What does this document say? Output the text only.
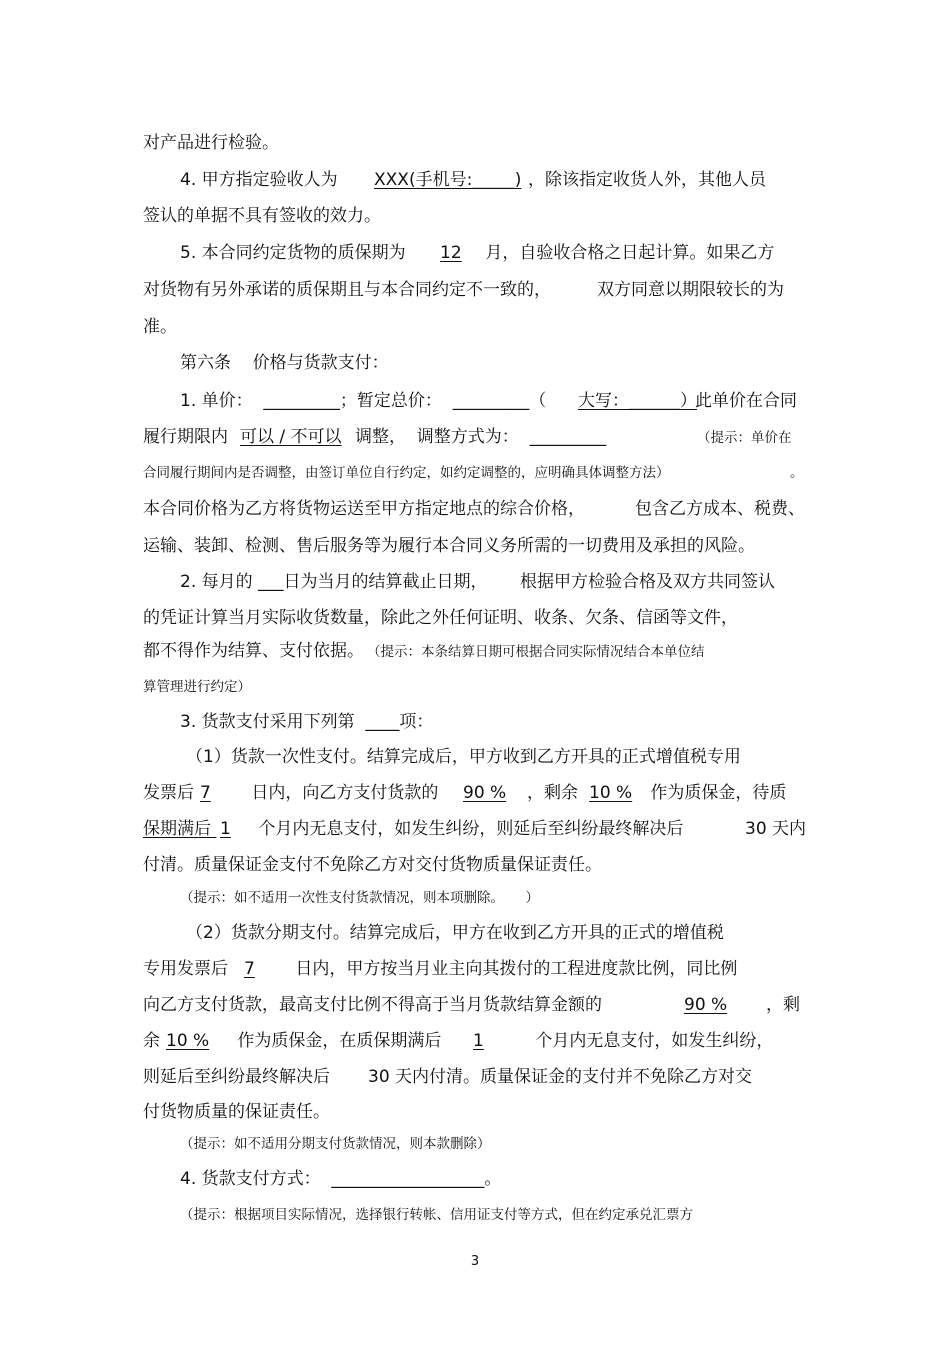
对产品进行检验。
4. 甲方指定验收人为 XXX(手机号:_____) ，除该指定收货人外，其他人员
签认的单据不具有签收的效力。
5. 本合同约定货物的质保期为 12 月，自验收合格之日起计算。如果乙方
对货物有另外承诺的质保期且与本合同约定不一致的，	双方同意以期限较长的为
准。
第六条    价格与货款支付：
1. 单价：  _________；暂定总价：  _________（ 大写：______）
此单价在合同
履行期限内 可以 / 不可以 调整，  调整方式为：  _________	（提示：单价在
合同履行期间内是否调整，由签订单位自行约定，如约定调整的，应明确具体调整方法）	。
本合同价格为乙方将货物运送至甲方指定地点的综合价格，	包含乙方成本、税费、
运输、装卸、检测、售后服务等为履行本合同义务所需的一切费用及承担的风险。
2. 每月的 ___日为当月的结算截止日期， 根据甲方检验合格及双方共同签认
的凭证计算当月实际收货数量，除此之外任何证明、收条、欠条、信函等文件，
都不得作为结算、支付依据。 （提示：本条结算日期可根据合同实际情况结合本单位结
算管理进行约定）
3. 货款支付采用下列第  ____项：
（1）货款一次性支付。结算完成后，甲方收到乙方开具的正式增值税专用
发票后 7 日内，向乙方支付货款的 90 % ，剩余 10 % 作为质保金，待质
保期满后 1 个月内无息支付，如发生纠纷，则延后至纠纷最终解决后	30 天内
付清。质量保证金支付不免除乙方对交付货物质量保证责任。
（提示：如不适用一次性支付货款情况，则本项删除。     ）
（2）货款分期支付。结算完成后，甲方在收到乙方开具的正式的增值税
专用发票后 7 日内，甲方按当月业主向其拨付的工程进度款比例，同比例
向乙方支付货款，最高支付比例不得高于当月货款结算金额的	90 % ，剩
余 10 % 作为质保金，在质保期满后 1	个月内无息支付，如发生纠纷，
则延后至纠纷最终解决后 30 天内付清。质量保证金的支付并不免除乙方对交
付货物质量的保证责任。
（提示：如不适用分期支付货款情况，则本款删除）
4. 货款支付方式：  __________________。
（提示：根据项目实际情况，选择银行转帐、信用证支付等方式，但在约定承兑汇票方
3
